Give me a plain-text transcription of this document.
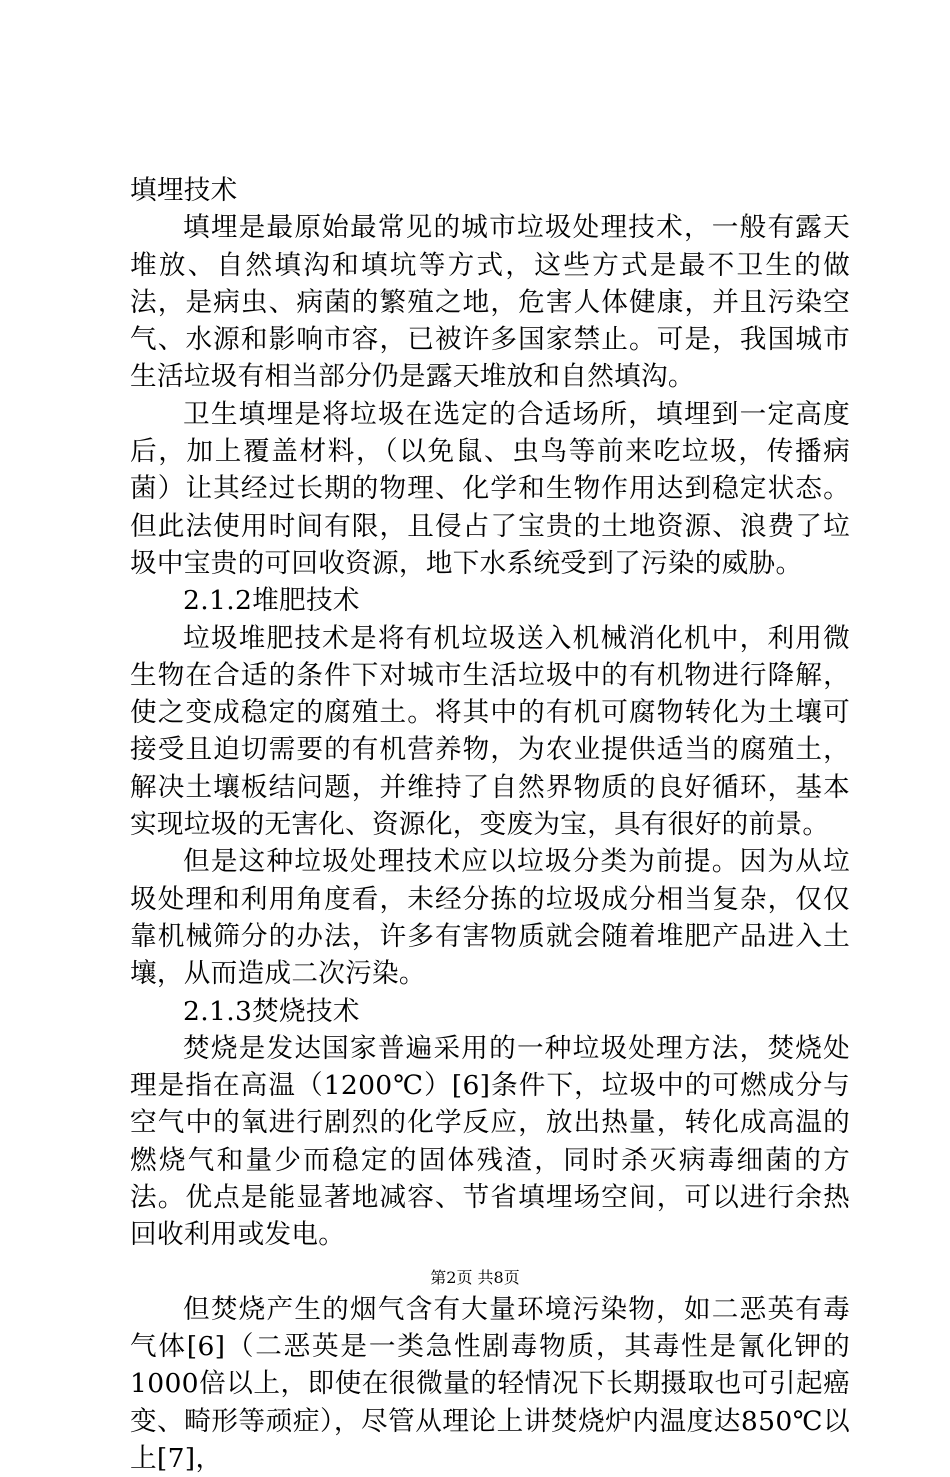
填埋技术

填埋是最原始最常见的城市垃圾处理技术，一般有露天堆放、自然填沟和填坑等方式，这些方式是最不卫生的做法，是病虫、病菌的繁殖之地，危害人体健康，并且污染空气、水源和影响市容，已被许多国家禁止。可是，我国城市生活垃圾有相当部分仍是露天堆放和自然填沟。

卫生填埋是将垃圾在选定的合适场所，填埋到一定高度后，加上覆盖材料，（以免鼠、虫鸟等前来吃垃圾，传播病菌）让其经过长期的物理、化学和生物作用达到稳定状态。但此法使用时间有限，且侵占了宝贵的土地资源、浪费了垃圾中宝贵的可回收资源，地下水系统受到了污染的威胁。

2.1.2堆肥技术

垃圾堆肥技术是将有机垃圾送入机械消化机中，利用微生物在合适的条件下对城市生活垃圾中的有机物进行降解，使之变成稳定的腐殖土。将其中的有机可腐物转化为土壤可接受且迫切需要的有机营养物，为农业提供适当的腐殖土，解决土壤板结问题，并维持了自然界物质的良好循环，基本实现垃圾的无害化、资源化，变废为宝，具有很好的前景。

但是这种垃圾处理技术应以垃圾分类为前提。因为从垃圾处理和利用角度看，未经分拣的垃圾成分相当复杂，仅仅靠机械筛分的办法，许多有害物质就会随着堆肥产品进入土壤，从而造成二次污染。

2.1.3焚烧技术

焚烧是发达国家普遍采用的一种垃圾处理方法，焚烧处理是指在高温（1200℃）[6]条件下，垃圾中的可燃成分与空气中的氧进行剧烈的化学反应，放出热量，转化成高温的燃烧气和量少而稳定的固体残渣，同时杀灭病毒细菌的方法。优点是能显著地减容、节省填埋场空间，可以进行余热回收利用或发电。

但焚烧产生的烟气含有大量环境污染物，如二恶英有毒气体[6]（二恶英是一类急性剧毒物质，其毒性是氰化钾的1000倍以上，即使在很微量的轻情况下长期摄取也可引起癌变、畸形等顽症），尽管从理论上讲焚烧炉内温度达850℃以上[7]，

第2页 共8页
